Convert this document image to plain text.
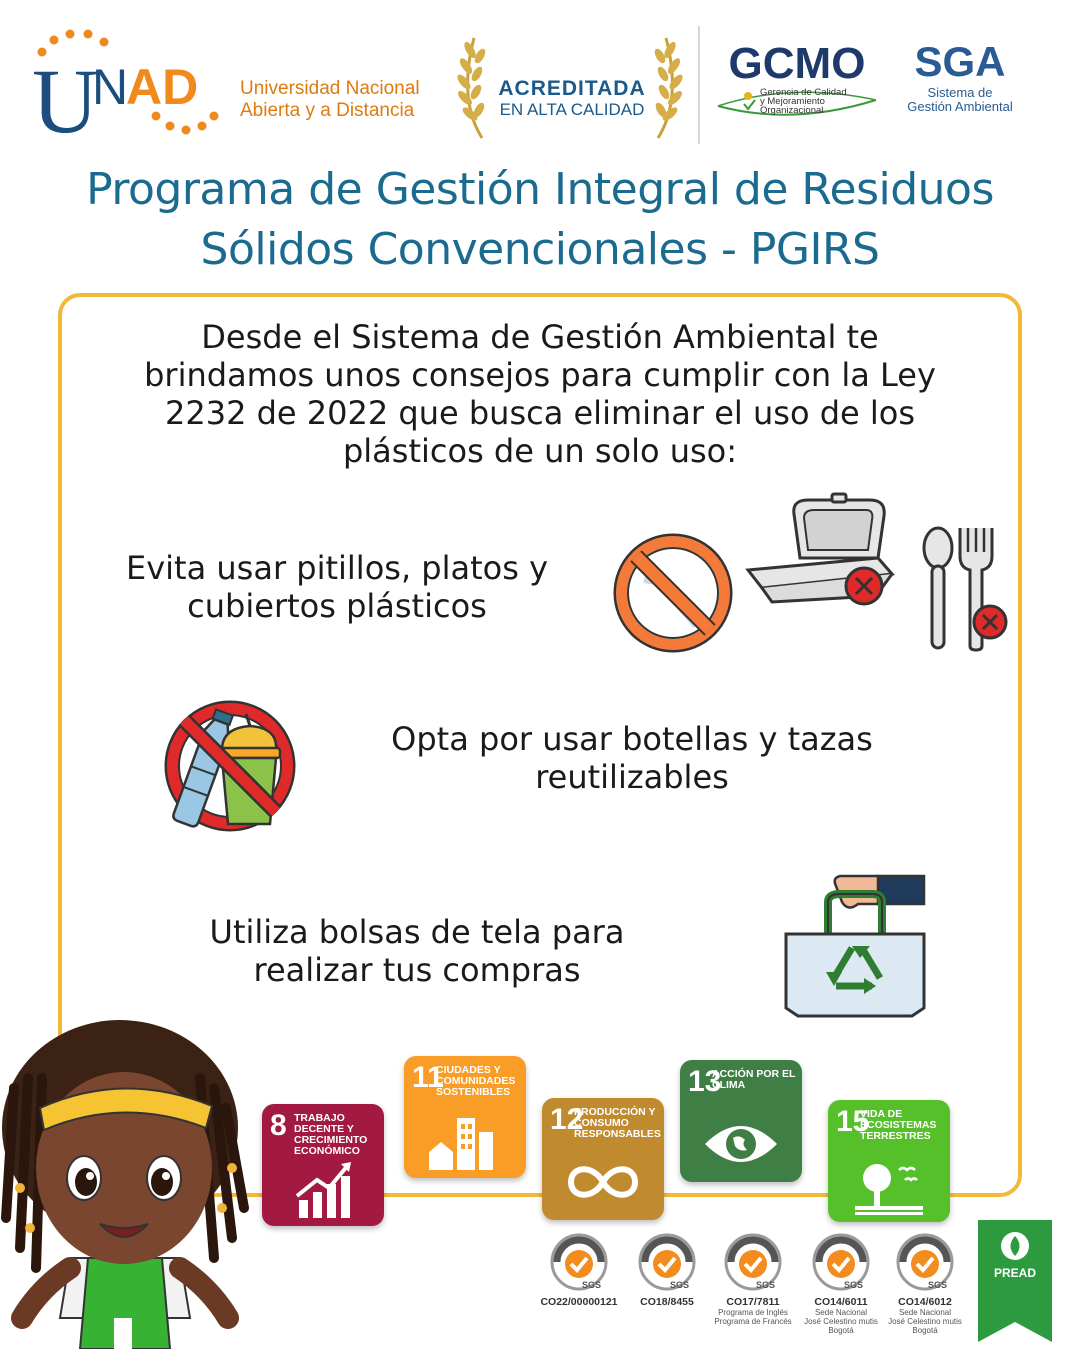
U
N
AD Universidad Nacional
Abierta y a Distancia
ACREDITADA
EN ALTA CALIDAD
GCMO
Gerencia de Calidad
y Mejoramiento
Organizacional
SGA
Sistema de
Gestión Ambiental
Programa de Gestión Integral de Residuos
Sólidos Convencionales - PGIRS
Desde el Sistema de Gestión Ambiental te
brindamos unos consejos para cumplir con la Ley
2232 de 2022 que busca eliminar el uso de los
plásticos de un solo uso:
Evita usar pitillos, platos y
cubiertos plásticos
Opta por usar botellas y tazas
reutilizables
Utiliza bolsas de tela para
realizar tus compras
8 TRABAJO DECENTE Y CRECIMIENTO ECONÓMICO
11
CIUDADES Y COMUNIDADES SOSTENIBLES
12
PRODUCCIÓN Y CONSUMO RESPONSABLES
13
ACCIÓN POR EL CLIMA
15
VIDA DE ECOSISTEMAS TERRESTRES
SGS
CO22/00000121
SGS
CO18/8455
SGS
CO17/7811
Programa de Inglés
Programa de Francés
SGS
CO14/6011
Sede Nacional
José Celestino mutis
Bogotá
SGS
CO14/6012
Sede Nacional
José Celestino mutis
Bogotá
PREAD
